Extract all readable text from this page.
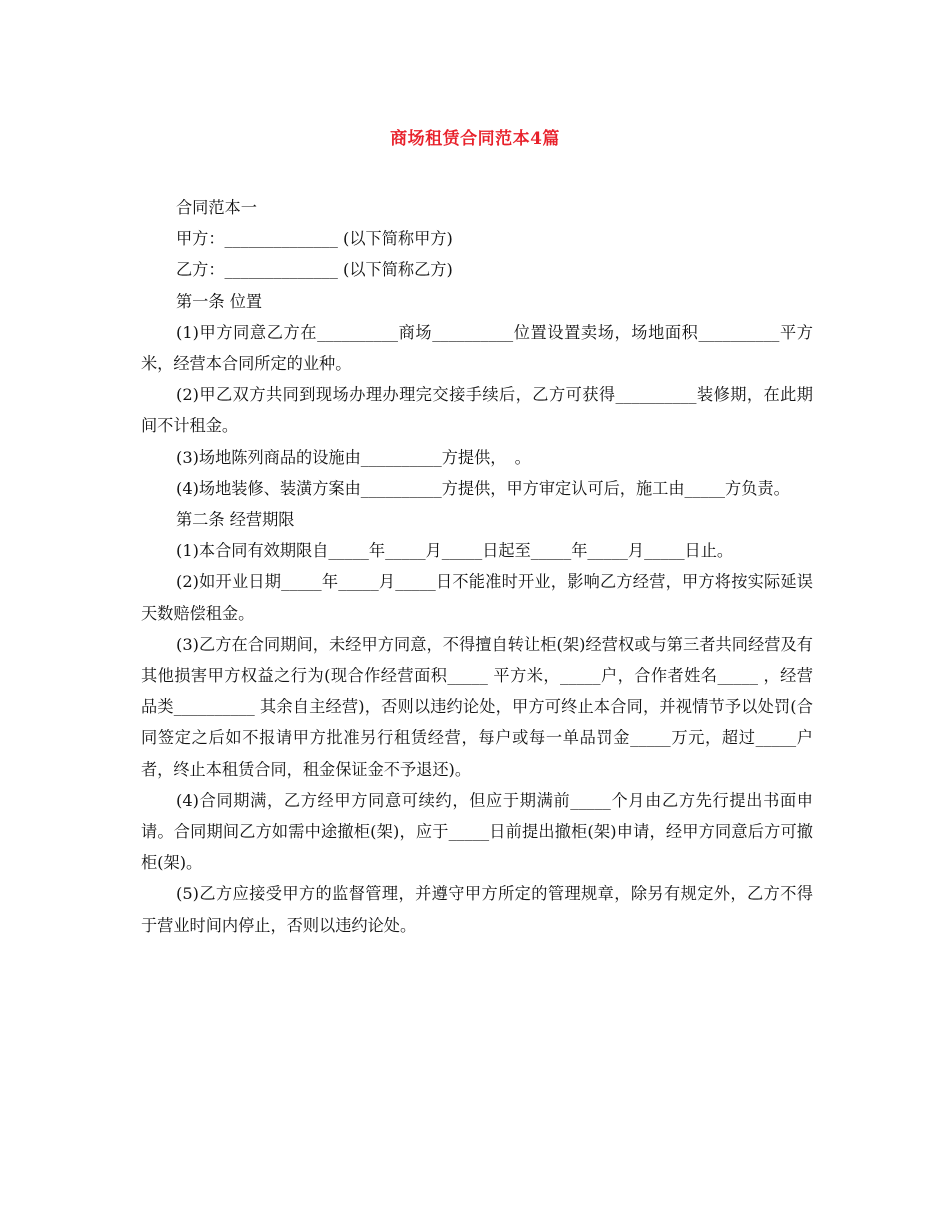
商场租赁合同范本4篇

合同范本一

甲方：______________ (以下简称甲方)

乙方：______________ (以下简称乙方)

第一条 位置

(1)甲方同意乙方在__________商场__________位置设置卖场，场地面积__________平方米，经营本合同所定的业种。

(2)甲乙双方共同到现场办理办理完交接手续后，乙方可获得__________装修期，在此期间不计租金。

(3)场地陈列商品的设施由__________方提供，　。

(4)场地装修、装潢方案由__________方提供，甲方审定认可后，施工由_____方负责。

第二条 经营期限

(1)本合同有效期限自_____年_____月_____日起至_____年_____月_____日止。

(2)如开业日期_____年_____月_____日不能准时开业，影响乙方经营，甲方将按实际延误天数赔偿租金。

(3)乙方在合同期间，未经甲方同意，不得擅自转让柜(架)经营权或与第三者共同经营及有其他损害甲方权益之行为(现合作经营面积_____ 平方米，_____户，合作者姓名_____ ，经营品类__________ 其余自主经营)，否则以违约论处，甲方可终止本合同，并视情节予以处罚(合同签定之后如不报请甲方批准另行租赁经营，每户或每一单品罚金_____万元，超过_____户者，终止本租赁合同，租金保证金不予退还)。

(4)合同期满，乙方经甲方同意可续约，但应于期满前_____个月由乙方先行提出书面申请。合同期间乙方如需中途撤柜(架)，应于_____日前提出撤柜(架)申请，经甲方同意后方可撤柜(架)。

(5)乙方应接受甲方的监督管理，并遵守甲方所定的管理规章，除另有规定外，乙方不得于营业时间内停止，否则以违约论处。
